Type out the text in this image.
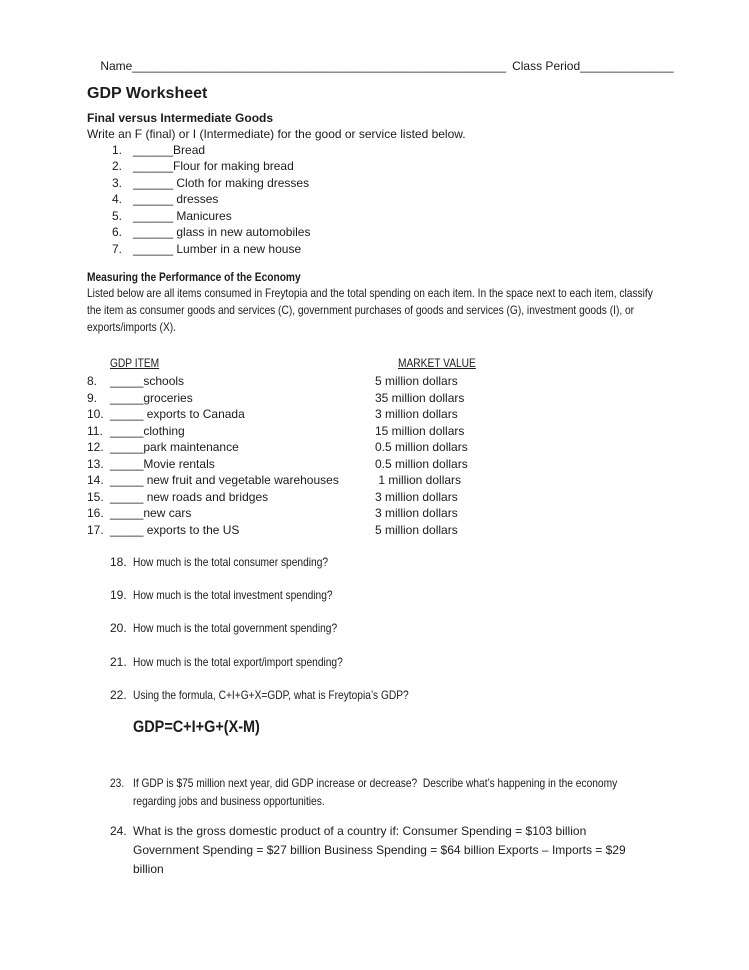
Name________________________________________________________ Class Period______________

GDP Worksheet
Final versus Intermediate Goods
Write an F (final) or I (Intermediate) for the good or service listed below.
1. ______Bread
2. ______Flour for making bread
3. ______ Cloth for making dresses
4. ______ dresses
5. ______ Manicures
6. ______ glass in new automobiles
7. ______ Lumber in a new house
Measuring the Performance of the Economy
Listed below are all items consumed in Freytopia and the total spending on each item. In the space next to each item, classify
the item as consumer goods and services (C), government purchases of goods and services (G), investment goods (I), or
exports/imports (X).
GDP ITEM	MARKET VALUE
8.	_____schools	5 million dollars
9.	_____groceries	35 million dollars
10. _____ exports to Canada	3 million dollars
11. _____clothing	15 million dollars
12. _____park maintenance	0.5 million dollars
13. _____Movie rentals	0.5 million dollars
14. _____ new fruit and vegetable warehouses	1 million dollars
15. _____ new roads and bridges	3 million dollars
16. _____new cars	3 million dollars
17. _____ exports to the US	5 million dollars
18. How much is the total consumer spending?
19. How much is the total investment spending?
20. How much is the total government spending?
21. How much is the total export/import spending?
22. Using the formula, C+I+G+X=GDP, what is Freytopia’s GDP?
GDP=C+I+G+(X-M)
23. If GDP is $75 million next year, did GDP increase or decrease?  Describe what’s happening in the economy
regarding jobs and business opportunities.
24. What is the gross domestic product of a country if: Consumer Spending = $103 billion
Government Spending = $27 billion Business Spending = $64 billion Exports – Imports = $29
billion
